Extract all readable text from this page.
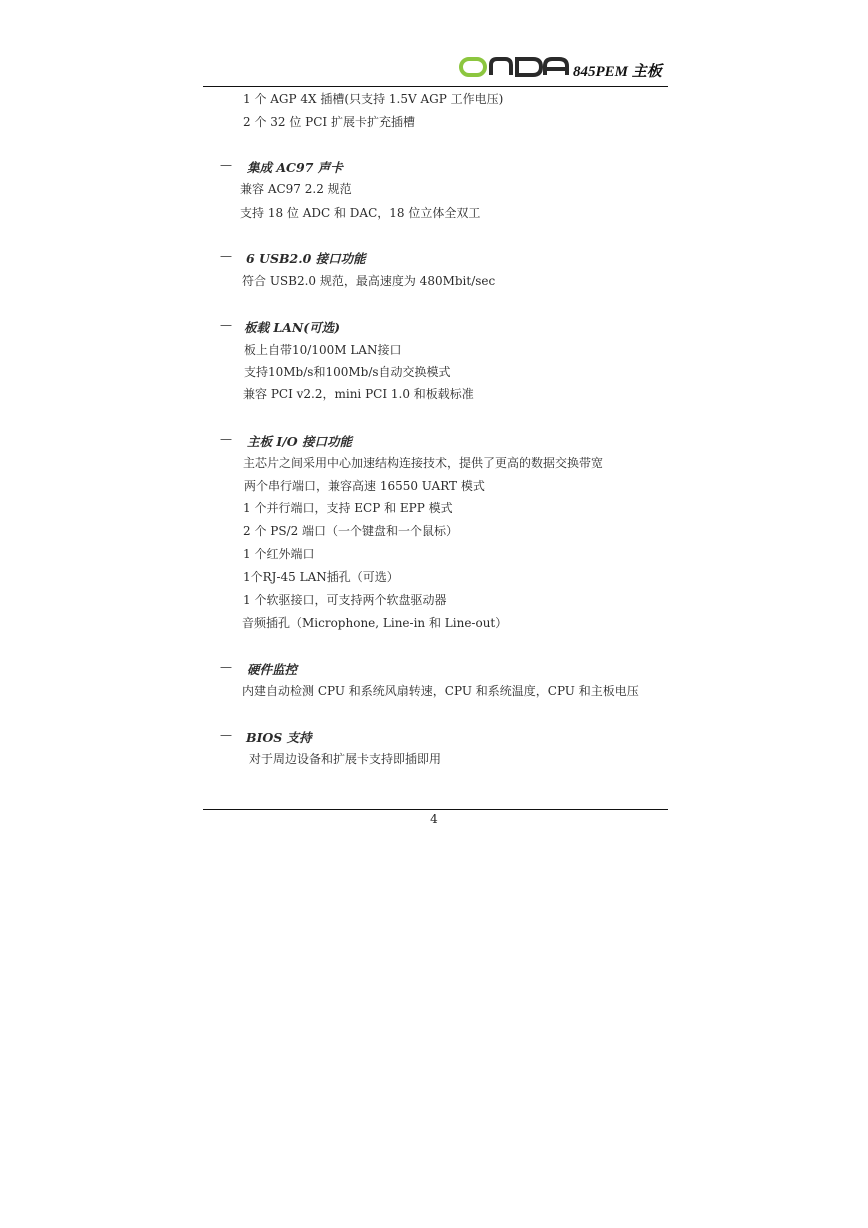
845PEM 主板
1 个 AGP 4X 插槽(只支持 1.5V AGP 工作电压)
2 个 32 位 PCI 扩展卡扩充插槽
— 集成 AC97 声卡
兼容 AC97 2.2 规范
支持 18 位 ADC 和 DAC，18 位立体全双工
— 6 USB2.0 接口功能
符合 USB2.0 规范，最高速度为 480Mbit/sec
— 板载 LAN(可选)
板上自带10/100M LAN接口
支持10Mb/s和100Mb/s自动交换模式
兼容 PCI v2.2，mini PCI 1.0 和板载标准
— 主板 I/O 接口功能
主芯片之间采用中心加速结构连接技术，提供了更高的数据交换带宽
两个串行端口，兼容高速 16550 UART 模式
1 个并行端口，支持 ECP 和 EPP 模式
2 个 PS/2 端口（一个键盘和一个鼠标）
1 个红外端口
1个RJ-45 LAN插孔（可选）
1 个软驱接口，可支持两个软盘驱动器
音频插孔（Microphone, Line-in 和 Line-out）
— 硬件监控
内建自动检测 CPU 和系统风扇转速，CPU 和系统温度，CPU 和主板电压
— BIOS 支持
对于周边设备和扩展卡支持即插即用
4
